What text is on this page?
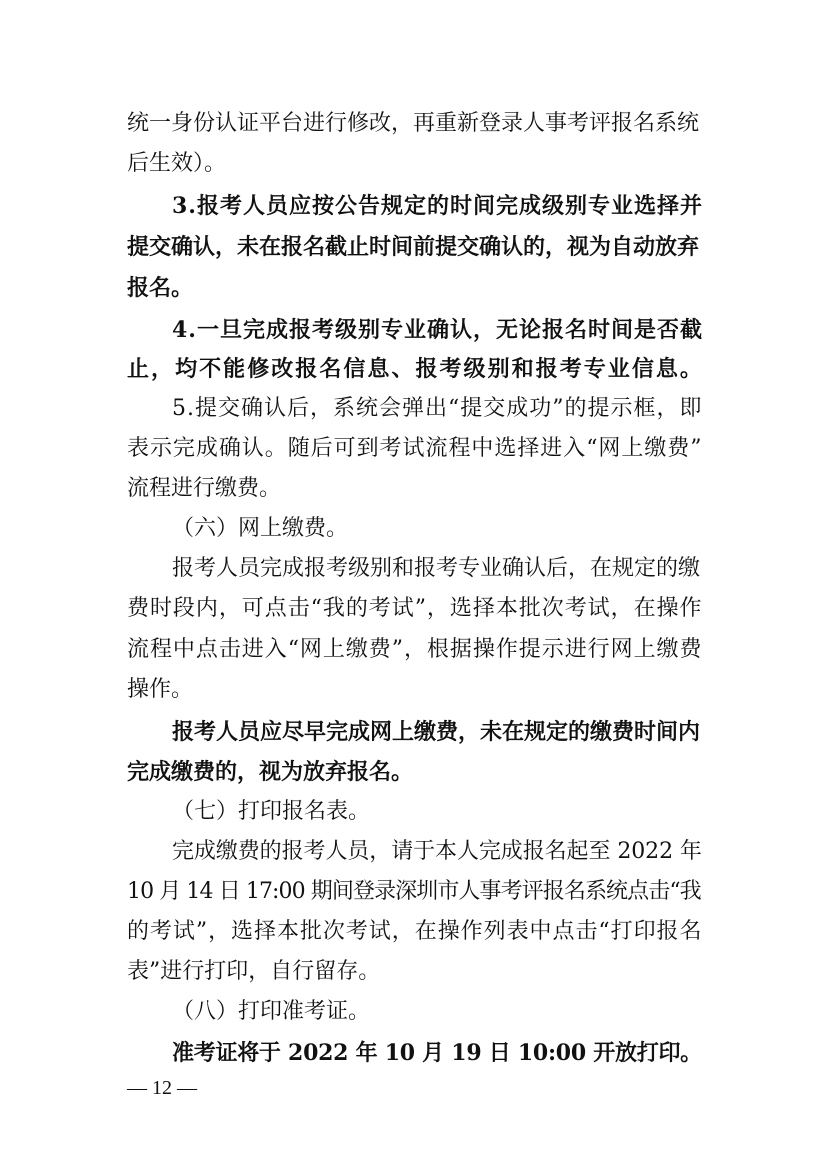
统一身份认证平台进行修改，再重新登录人事考评报名系统
后生效）。
3.报考人员应按公告规定的时间完成级别专业选择并
提交确认，未在报名截止时间前提交确认的，视为自动放弃
报名。
4.一旦完成报考级别专业确认，无论报名时间是否截
止，均不能修改报名信息、报考级别和报考专业信息。
5.提交确认后，系统会弹出“提交成功”的提示框，即
表示完成确认。随后可到考试流程中选择进入“网上缴费”
流程进行缴费。
（六）网上缴费。
报考人员完成报考级别和报考专业确认后，在规定的缴
费时段内，可点击“我的考试”，选择本批次考试，在操作
流程中点击进入“网上缴费”，根据操作提示进行网上缴费
操作。
报考人员应尽早完成网上缴费，未在规定的缴费时间内
完成缴费的，视为放弃报名。
（七）打印报名表。
完成缴费的报考人员，请于本人完成报名起至 2022 年
10 月 14 日 17:00 期间登录深圳市人事考评报名系统点击“我
的考试”，选择本批次考试，在操作列表中点击“打印报名
表”进行打印，自行留存。
（八）打印准考证。
准考证将于 2022 年 10 月 19 日 10:00 开放打印。
— 12 —
